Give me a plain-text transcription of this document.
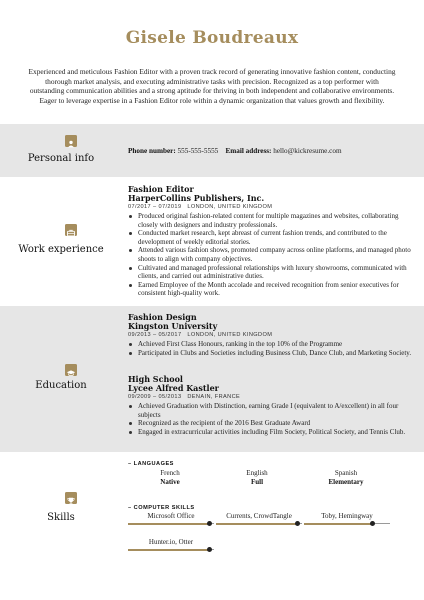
Gisele Boudreaux
Experienced and meticulous Fashion Editor with a proven track record of generating innovative fashion content, conducting thorough market analysis, and executing administrative tasks with precision. Recognized as a top performer with outstanding communication abilities and a strong aptitude for thriving in both independent and collaborative environments. Eager to leverage expertise in a Fashion Editor role within a dynamic organization that values growth and flexibility.
Personal info
Phone number: 555-555-5555 Email address: hello@kickresume.com
Work experience
Fashion Editor
HarperCollins Publishers, Inc.
07/2017 – 07/2019 LONDON, UNITED KINGDOM
Produced original fashion-related content for multiple magazines and websites, collaborating closely with designers and industry professionals.
Conducted market research, kept abreast of current fashion trends, and contributed to the development of weekly editorial stories.
Attended various fashion shows, promoted company across online platforms, and managed photo shoots to align with company objectives.
Cultivated and managed professional relationships with luxury showrooms, communicated with clients, and carried out administrative duties.
Earned Employee of the Month accolade and received recognition from senior executives for consistent high-quality work.
Education
Fashion Design
Kingston University
09/2013 – 05/2017 LONDON, UNITED KINGDOM
Achieved First Class Honours, ranking in the top 10% of the Programme
Participated in Clubs and Societies including Business Club, Dance Club, and Marketing Society.
High School
Lycee Alfred Kastler
09/2009 – 05/2013 DENAIN, FRANCE
Achieved Graduation with Distinction, earning Grade I (equivalent to A/excellent) in all four subjects
Recognized as the recipient of the 2016 Best Graduate Award
Engaged in extracurricular activities including Film Society, Political Society, and Tennis Club.
Skills
– LANGUAGES
French
Native
English
Full
Spanish
Elementary
– COMPUTER SKILLS
Microsoft Office	Currents, CrowdTangle	Toby, Hemingway
Hunter.io, Otter
